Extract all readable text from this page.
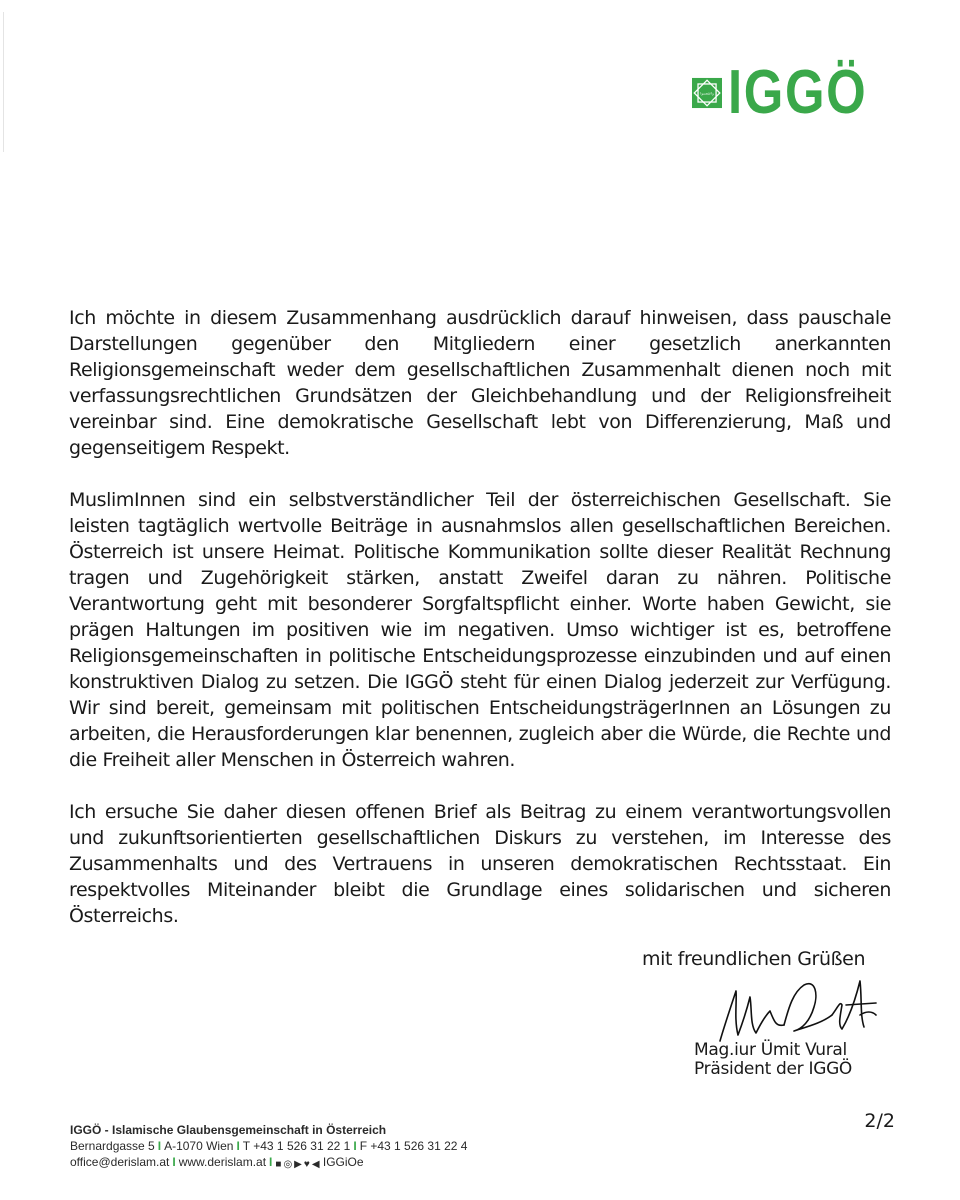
واعتصموا IGGÖ

Ich möchte in diesem Zusammenhang ausdrücklich darauf hinweisen, dass pauschale Darstellungen gegenüber den Mitgliedern einer gesetzlich anerkannten Religionsgemeinschaft weder dem gesellschaftlichen Zusammenhalt dienen noch mit verfassungsrechtlichen Grundsätzen der Gleichbehandlung und der Religionsfreiheit vereinbar sind. Eine demokratische Gesellschaft lebt von Differenzierung, Maß und gegenseitigem Respekt.

MuslimInnen sind ein selbstverständlicher Teil der österreichischen Gesellschaft. Sie leisten tagtäglich wertvolle Beiträge in ausnahmslos allen gesellschaftlichen Bereichen. Österreich ist unsere Heimat. Politische Kommunikation sollte dieser Realität Rechnung tragen und Zugehörigkeit stärken, anstatt Zweifel daran zu nähren. Politische Verantwortung geht mit besonderer Sorgfaltspflicht einher. Worte haben Gewicht, sie prägen Haltungen im positiven wie im negativen. Umso wichtiger ist es, betroffene Religionsgemeinschaften in politische Entscheidungsprozesse einzubinden und auf einen konstruktiven Dialog zu setzen. Die IGGÖ steht für einen Dialog jederzeit zur Verfügung. Wir sind bereit, gemeinsam mit politischen EntscheidungsträgerInnen an Lösungen zu arbeiten, die Herausforderungen klar benennen, zugleich aber die Würde, die Rechte und die Freiheit aller Menschen in Österreich wahren.

Ich ersuche Sie daher diesen offenen Brief als Beitrag zu einem verantwortungsvollen und zukunftsorientierten gesellschaftlichen Diskurs zu verstehen, im Interesse des Zusammenhalts und des Vertrauens in unseren demokratischen Rechtsstaat. Ein respektvolles Miteinander bleibt die Grundlage eines solidarischen und sicheren Österreichs.

mit freundlichen Grüßen
Mag.iur Ümit Vural
Präsident der IGGÖ
2/2
IGGÖ - Islamische Glaubensgemeinschaft in Österreich
Bernardgasse 5 I A-1070 Wien I T +43 1 526 31 22 1 I F +43 1 526 31 22 4
office@derislam.at I www.derislam.at I ■ ◎ ▶ ♥ ◀ IGGiOe
